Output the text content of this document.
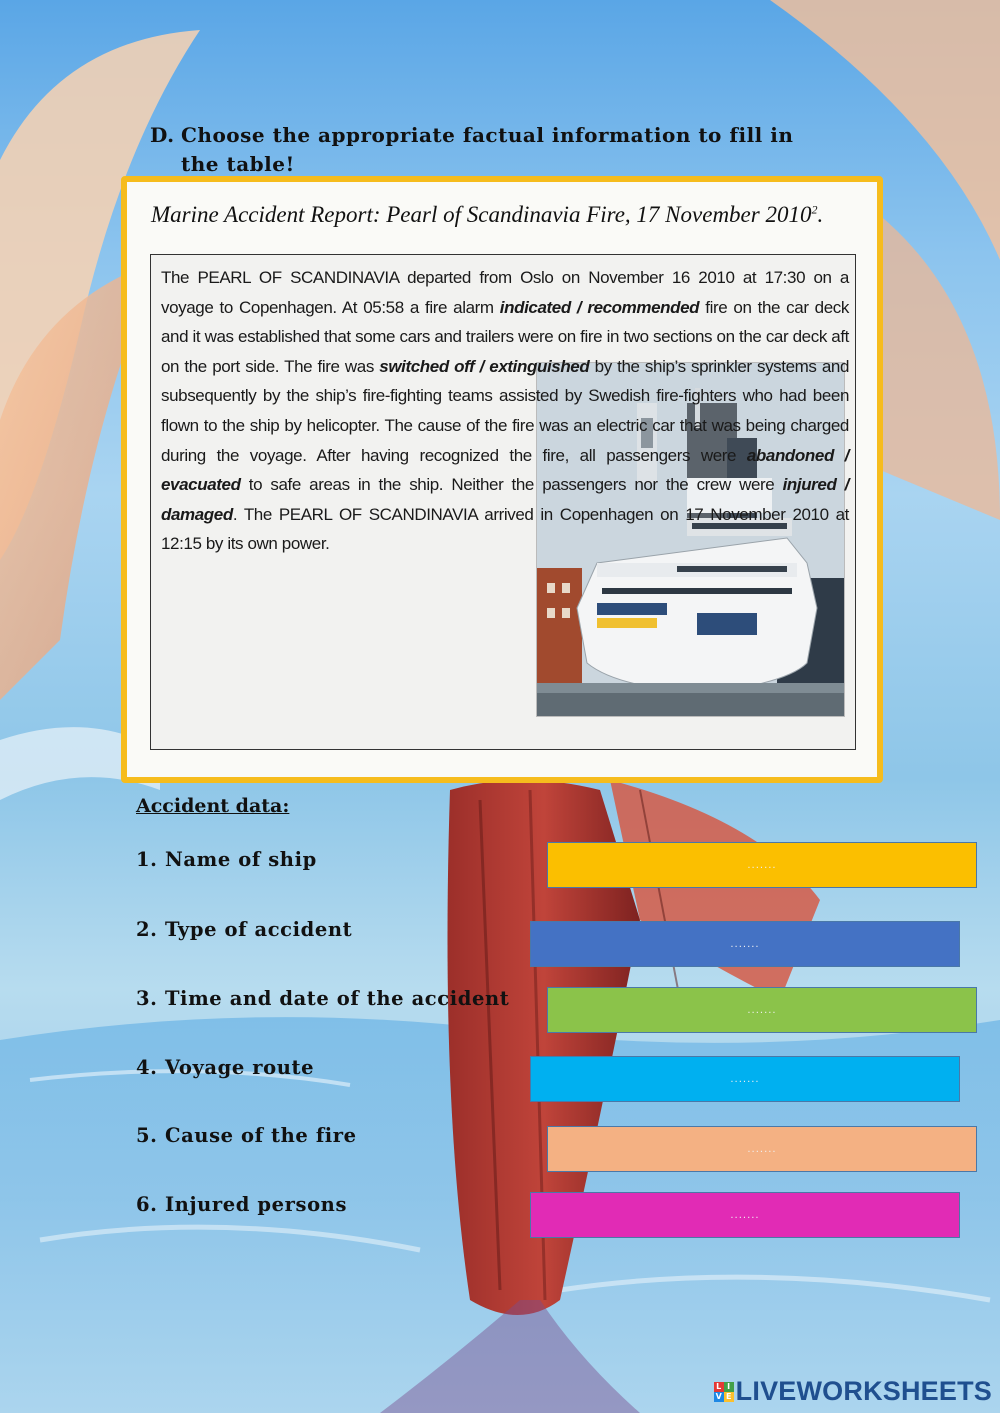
D. Choose the appropriate factual information to fill in
the table!
Marine Accident Report: Pearl of Scandinavia Fire, 17 November 2010$^2$.

The PEARL OF SCANDINAVIA departed from Oslo on November 16 2010 at 17:30 on a voyage to Copenhagen. At 05:58 a fire alarm indicated / recommended fire on the car deck and it was established that some cars and trailers were on fire in two sections on the car deck aft on the port side. The fire was switched off / extinguished by the ship’s sprinkler systems and subsequently by the ship’s fire-fighting teams assisted by Swedish fire-fighters who had been flown to the ship by helicopter. The cause of the fire was an electric car that was being charged during the voyage. After having recognized the fire, all passengers were abandoned / evacuated to safe areas in the ship. Neither the passengers nor the crew were injured / damaged. The PEARL OF SCANDINAVIA arrived in Copenhagen on 17 November 2010 at 12:15 by its own power.

Accident data:
1. Name of ship	.......
2. Type of accident
.......
3. Time and date of the accident	.......
4. Voyage route	.......
5. Cause of the fire
.......
6. Injured persons	.......
L I
V E LIVEWORKSHEETS
